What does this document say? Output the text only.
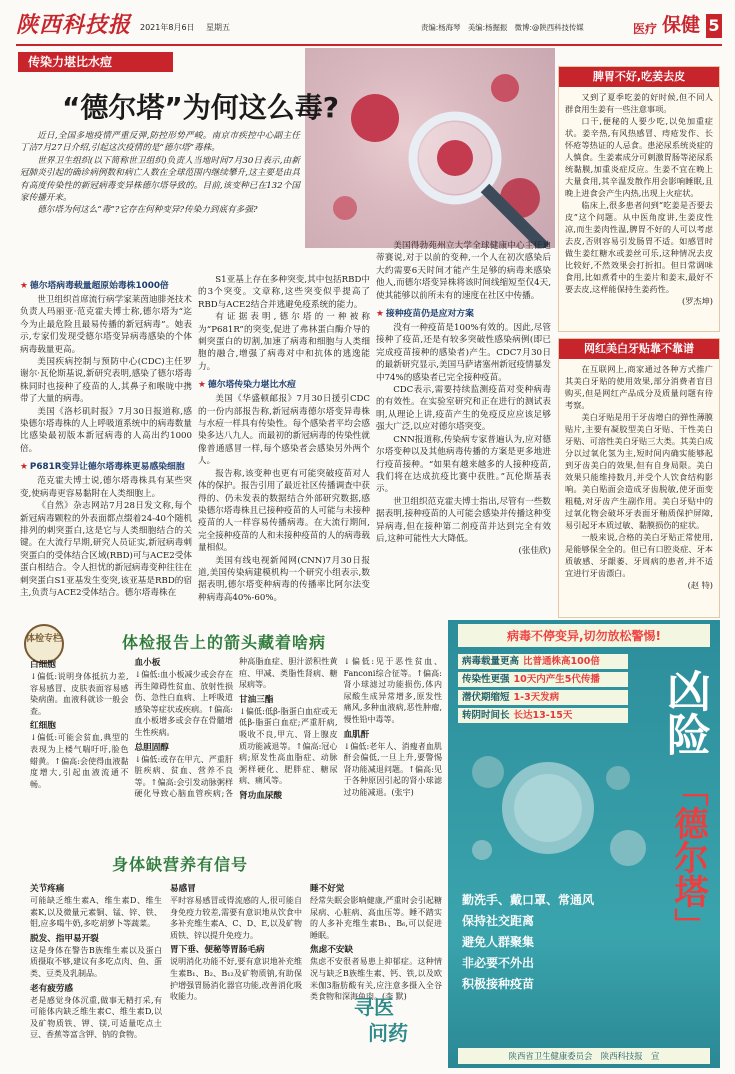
陕西科技报 2021年8月6日 星期五	责编:杨海琴　美编:杨掘振　微博:@陕西科技传媒	医疗 保健 5
传染力堪比水痘
“德尔塔”为何这么毒?

近日,全国多地疫情严重反弹,防控形势严峻。南京市疾控中心副主任丁洁7月27日介绍,引起这次疫情的是“德尔塔”毒株。

世界卫生组织(以下简称世卫组织)负责人当地时间7月30日表示,由新冠肺炎引起的确诊病例数和病亡人数在全球范围内继续攀升,这主要是由具有高度传染性的新冠病毒变异株德尔塔导致的。目前,该变种已在132个国家传播开来。

德尔塔为何这么“毒”?它存在何种变异?传染力到底有多强?

★ 德尔塔病毒载量超原始毒株1000倍

世卫组织首席流行病学家莱茵迪腓尧技术负责人玛丽亚·范克霍夫博士称,德尔塔为“迄今为止最危险且最易传播的新冠病毒”。她表示,专家们发现受德尔塔变异病毒感染的个体病毒载量更高。

美国疾病控制与预防中心(CDC)主任罗谢尔·瓦伦斯基说,新研究表明,感染了德尔塔毒株同时也接种了疫苗的人,其鼻子和喉咙中携带了大量的病毒。

美国《洛杉矶时报》7月30日报道称,感染德尔塔毒株的人上呼吸道系统中的病毒数量比感染最初版本新冠病毒的人高出约1000倍。

★ P681R变异让德尔塔毒株更易感染细胞

范克霍夫博士说,德尔塔毒株具有某些突变,使病毒更容易黏附在人类细胞上。

《自然》杂志网站7月28日发文称,每个新冠病毒颗粒的外表面都点缀着24-40个随机排列的刺突蛋白,这是它与人类细胞结合的关键。在大流行早期,研究人员证实,新冠病毒刺突蛋白的受体结合区域(RBD)可与ACE2受体蛋白相结合。令人担忧的新冠病毒变种往往在刺突蛋白S1亚基发生变突,该亚基是RBD的宿主,负责与ACE2受体结合。德尔塔毒株在

S1亚基上存在多种突变,其中包括RBD中的3个突变。文章称,这些突变似乎提高了RBD与ACE2结合并逃避免疫系统的能力。

有证据表明,德尔塔的一种被称为“P681R”的突变,促进了弗林蛋白酶介导的刺突蛋白的切割,加速了病毒和细胞与人类细胞的融合,增强了病毒对中和抗体的逃逸能力。

★ 德尔塔传染力堪比水痘

美国《华盛顿邮报》7月30日援引CDC的一份内部报告称,新冠病毒德尔塔变异毒株与水痘一样具有传染性。每个感染者平均会感染多达八九人。而最初的新冠病毒的传染性就像普通感冒一样,每个感染者会感染另外两个人。

报告称,该变种也更有可能突破疫苗对人体的保护。报告引用了最近社区传播调查中获得的、仍未发表的数据结合外部研究数据,感染德尔塔毒株且已接种疫苗的人可能与未接种疫苗的人一样容易传播病毒。在大流行期间,完全接种疫苗的人和未接种疫苗的人的病毒载量相似。

美国有线电视新闻网(CNN)7月30日报道,美国传染病建模机构一个研究小组表示,数据表明,德尔塔变种病毒的传播率比阿尔法变种病毒高40%-60%。

美国得勃苑州立大学全球健康中心主任迪蒂赛说,对于以前的变种,一个人在初次感染后大约需要6天时间才能产生足够的病毒来感染他人,而德尔塔变异株将该时间线缩短至仅4天,使其能够以前所未有的速度在社区中传播。

★ 接种疫苗仍是应对方案

没有一种疫苗是100%有效的。因此,尽管接种了疫苗,还是有较多突破性感染病例(即已完成疫苗接种的感染者)产生。CDC7月30日的最新研究显示,美国马萨诸塞州新冠疫情暴发中74%的感染者已完全接种疫苗。

CDC表示,需要持续监测疫苗对变种病毒的有效性。在实验室研究和正在进行的测试表明,从理论上讲,疫苗产生的免疫反应应该足够强大广泛,以应对德尔塔突变。

CNN报道称,传染病专家普遍认为,应对德尔塔变种以及其他病毒传播的方案是更多地进行疫苗接种。“如果有越来越多的人接种疫苗,我们将在达成抗疫比赛中获胜。”瓦伦斯基表示。

世卫组织范克霍夫博士指出,尽管有一些数据表明,接种疫苗的人可能会感染并传播这种变异病毒,但在接种第二剂疫苗并达到完全有效后,这种可能性大大降低。

(张佳欣)

脾胃不好,吃姜去皮

又到了夏季吃姜的好时候,但不同人群食用生姜有一些注意事项。

口干,便秘的人要少吃,以免加重症状。姜辛热,有风热感冒、痔疮发作、长怀疮等热证的人忌食。患泌尿系统炎症的人慎食。生姜素成分可刺激胃肠等泌尿系统黏膜,加重炎症反应。生姜不宜在晚上大量食用,其辛温发散作用会影响睡眠,且晚上进食会产生内热,出现上火症状。

临床上,很多患者问到“吃姜是否要去皮”这个问题。从中医角度讲,生姜皮性凉,而生姜肉性温,脾胃不好的人可以考虑去皮,否则容易引发肠胃不适。如感冒时做生姜红糖水或姜丝可乐,这种情况去皮比较好,不然效果会打折扣。但日常调味食用,比如煮肴中的生姜片和姜末,最好不要去皮,这样能保持生姜药性。

(罗杰坤)

网红美白牙贴靠不靠谱

在互联网上,商家通过各种方式推广其美白牙贴的使用效果,部分消费者盲目购买,但是网红产品成分及质量问题有待考察。

美白牙贴是用于牙齿增白的弹性薄膜贴片,主要有凝胶型美白牙贴、干性美白牙贴、可溶性美白牙贴三大类。其美白成分以过氧化氢为主,短时间内确实能够起到牙齿美白的效果,但有自身局限。美白效果只能维持数月,并受个人饮食结构影响。美白贴面会造成牙齿脱敏,使牙面变粗糙,对牙齿产生副作用。美白牙贴中的过氧化物会破坏牙表面牙釉质保护屏障,易引起牙本质过敏、黏膜损伤的症状。

一般来说,合格的美白牙贴正常使用,是能够保全全的。但已有口腔炎症、牙本质敏感、牙龈萎、牙周病的患者,并不适宜进行牙齿漂白。

(赵 特)

体检专栏	体检报告上的箭头藏着啥病
白细胞

↓偏低:说明身体抵抗力差,容易感冒、皮肤表面容易感染病菌。血液科就诊一般会查。

红细胞

↓偏低:可能会贫血,典型的表现为上楼气喘吁吁,脸色蜡黄。↑偏高:会使得血液黏度增大,引起血液流通不畅。

血小板

↓偏低:血小板减少或会存在再生障碍性贫血、放射性损伤、急性白血病、上呼吸道感染等症状或疾病。↑偏高:血小板增多或会存在骨髓增生性疾病。

总胆固醇

↓偏低:或存在甲亢、严重肝脏疾病、贫血、营养不良等。↑偏高:会引发动脉粥样硬化导致心脑血管疾病;各种高脂血症、胆汁淤积性黄疸、甲减、类脂性肾病、糖尿病等。

甘油三酯

↓偏低:低β-脂蛋白血症或无低β-脂蛋白血症;严重肝病,吸收不良,甲亢、肾上腺皮质功能减退等。↑偏高:冠心病;原发性高血脂症、动脉粥样硬化、肥胖症、糖尿病、痛风等。

肾功血尿酸

↓偏低:见于恶性贫血、Fanconi综合征等。↑偏高:肾小球滤过功能损伤,体内尿酸生成异常增多,原发性痛风,多种血液病,恶性肿瘤,慢性铅中毒等。

血肌酐

↓偏低:老年人、消瘦者血肌酐会偏低,一旦上升,要警惕肾功能减退问题。↑偏高:见于各种原因引起的肾小球滤过功能减退。(张宇)

身体缺营养有信号
关节疼痛

可能缺乏维生素A、维生素D、维生素K,以及微量元素铜、锰、锌、铁、钼,应多喝牛奶,多吃胡萝卜等蔬菜。

脱发、指甲易开裂

这是身体在警告B族维生素以及蛋白质摄取不够,建议有多吃点肉、鱼、蛋类、豆类及乳制品。

老有疲劳感

老是感觉身体沉重,做事无精打采,有可能体内缺乏维生素C、维生素D,以及矿物质铁、钾、镁,可适量吃点土豆、香蕉等富含钾、钠的食物。

易感冒

平时容易感冒或得流感的人,很可能自身免疫力较差,需要有意识地从饮食中多补充维生素A、C、D、E,以及矿物质铁、锌以提升免疫力。

胃下垂、便秘等胃肠毛病

说明消化功能不好,要有意识地补充维生素B₁、B₂、B₁₂及矿物质钠,有助保护增强胃肠消化器官功能,改善消化吸收能力。

睡不好觉

经常失眠会影响健康,严重时会引起糖尿病、心脏病、高血压等。睡不踏实的人多补充维生素B₁、B₆,可以促进睡眠。

焦虑不安缺

焦虑不安很者易患上抑郁症。这种情况与缺乏B族维生素、钙、铁,以及欧米伽3脂肪酸有关,应注意多摄入全谷类食物和深海鱼肉。(李 默)

寻医
问药
病毒不停变异,切勿放松警惕!
病毒载量更高 比普通株高100倍
传染性更强 10天内产生5代传播
潜伏期缩短 1-3天发病
转阴时间长 长达13-15天	凶险
「德尔塔」
勤洗手、戴口罩、常通风
保持社交距离
避免人群聚集
非必要不外出
积极接种疫苗
陕西省卫生健康委员会　陕西科技报　宣
